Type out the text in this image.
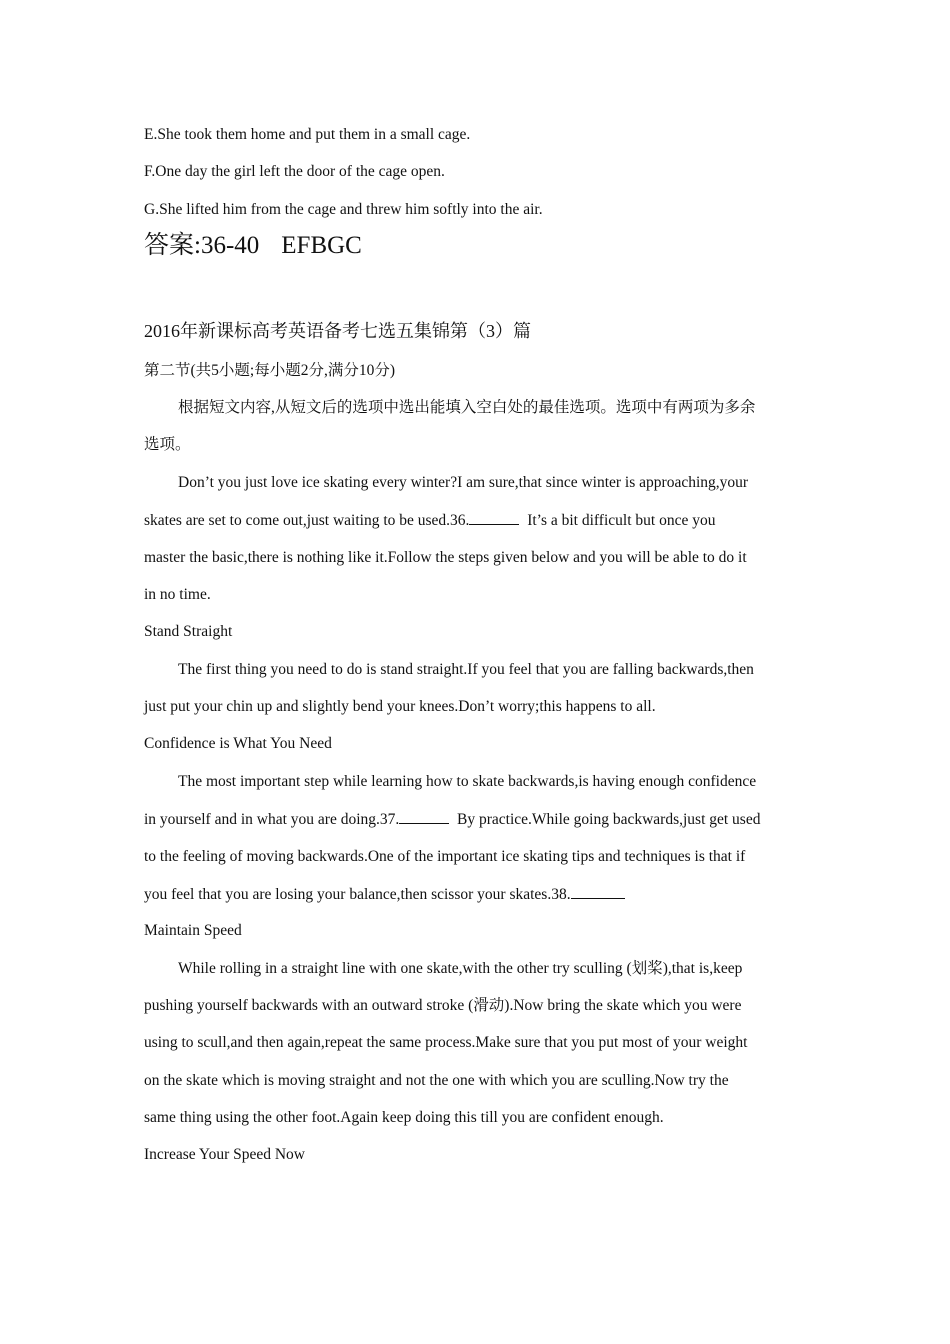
E.She took them home and put them in a small cage.
F.One day the girl left the door of the cage open.
G.She lifted him from the cage and threw him softly into the air.
答案:36-40 EFBGC
2016年新课标高考英语备考七选五集锦第（3）篇
第二节(共5小题;每小题2分,满分10分)
根据短文内容,从短文后的选项中选出能填入空白处的最佳选项。选项中有两项为多余
选项。
Don’t you just love ice skating every winter?I am sure,that since winter is approaching,your
skates are set to come out,just waiting to be used.36.	It’s a bit difficult but once you
master the basic,there is nothing like it.Follow the steps given below and you will be able to do it
in no time.
Stand Straight
The first thing you need to do is stand straight.If you feel that you are falling backwards,then
just put your chin up and slightly bend your knees.Don’t worry;this happens to all.
Confidence is What You Need
The most important step while learning how to skate backwards,is having enough confidence
in yourself and in what you are doing.37.	By practice.While going backwards,just get used
to the feeling of moving backwards.One of the important ice skating tips and techniques is that if
you feel that you are losing your balance,then scissor your skates.38.
Maintain Speed
While rolling in a straight line with one skate,with the other try sculling (划桨),that is,keep
pushing yourself backwards with an outward stroke (滑动).Now bring the skate which you were
using to scull,and then again,repeat the same process.Make sure that you put most of your weight
on the skate which is moving straight and not the one with which you are sculling.Now try the
same thing using the other foot.Again keep doing this till you are confident enough.
Increase Your Speed Now
